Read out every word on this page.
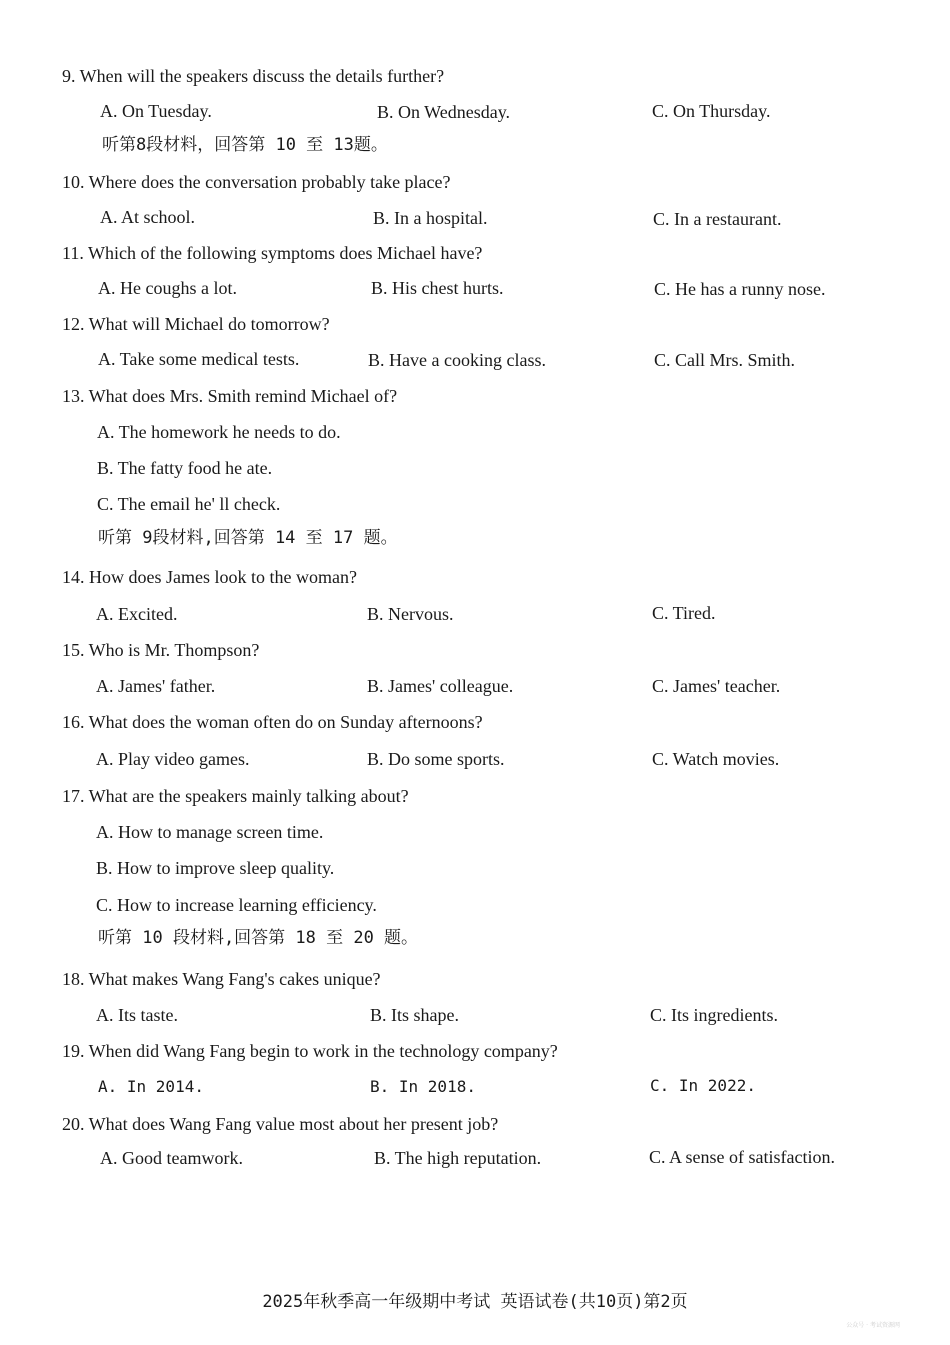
9. When will the speakers discuss the details further?
A. On Tuesday.	B. On Wednesday.	C. On Thursday.
听第8段材料，回答第 10 至 13题。
10. Where does the conversation probably take place?
A. At school.	B. In a hospital.	C. In a restaurant.
11. Which of the following symptoms does Michael have?
A. He coughs a lot.	B. His chest hurts.	C. He has a runny nose.
12. What will Michael do tomorrow?
A. Take some medical tests.	B. Have a cooking class.	C. Call Mrs. Smith.
13. What does Mrs. Smith remind Michael of?
A. The homework he needs to do.
B. The fatty food he ate.
C. The email he' ll check.
听第 9段材料,回答第 14 至 17 题。
14. How does James look to the woman?
A. Excited.	B. Nervous.	C. Tired.
15. Who is Mr. Thompson?
A. James' father.	B. James' colleague.	C. James' teacher.
16. What does the woman often do on Sunday afternoons?
A. Play video games.	B. Do some sports.	C. Watch movies.
17. What are the speakers mainly talking about?
A. How to manage screen time.
B. How to improve sleep quality.
C. How to increase learning efficiency.
听第 10 段材料,回答第 18 至 20 题。
18. What makes Wang Fang's cakes unique?
A. Its taste.	B. Its shape.	C. Its ingredients.
19. When did Wang Fang begin to work in the technology company?
A. In 2014.	B. In 2018.	C. In 2022.
20. What does Wang Fang value most about her present job?
A. Good teamwork.	B. The high reputation.	C. A sense of satisfaction.
2025年秋季高一年级期中考试 英语试卷(共10页)第2页
公众号 · 考试资源网
